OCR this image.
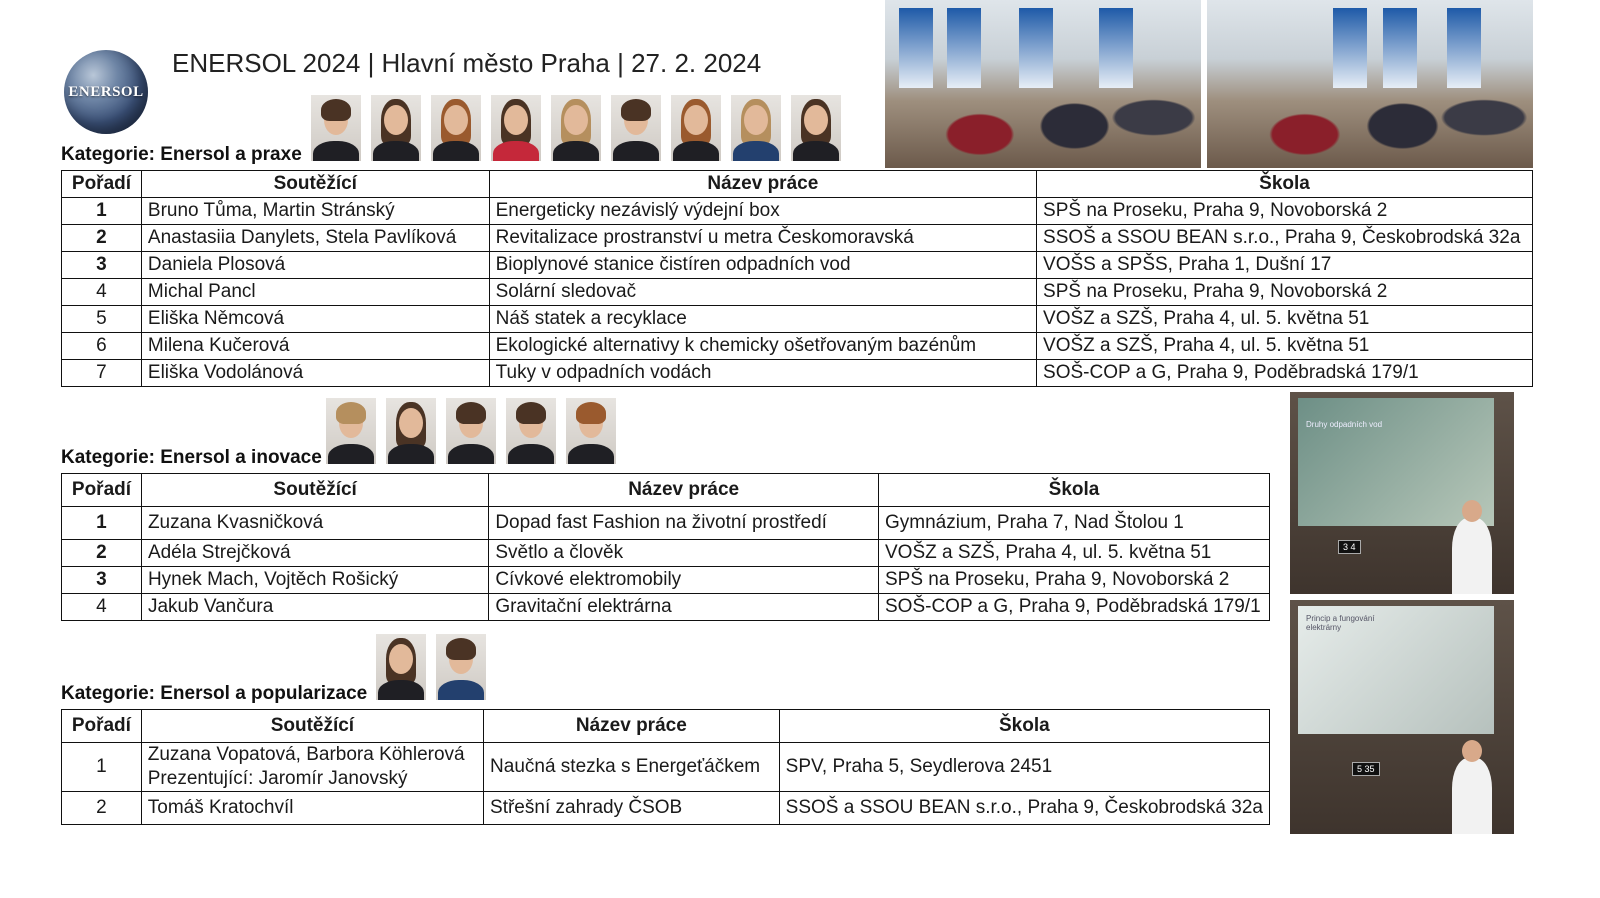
ENERSOL
ENERSOL 2024 | Hlavní město Praha | 27. 2. 2024
Druhy odpadních vod
3 4
Princip a fungování elektrárny
5 35
Kategorie: Enersol a praxe
Pořadí	Soutěžící	Název práce	Škola
1	Bruno Tůma, Martin Stránský	Energeticky nezávislý výdejní box	SPŠ na Proseku, Praha 9, Novoborská 2
2	Anastasiia Danylets, Stela Pavlíková	Revitalizace prostranství u metra Českomoravská	SSOŠ a SSOU BEAN s.r.o., Praha 9, Českobrodská 32a
3	Daniela Plosová	Bioplynové stanice čistíren odpadních vod	VOŠS a SPŠS, Praha 1, Dušní 17
4	Michal Pancl	Solární sledovač	SPŠ na Proseku, Praha 9, Novoborská 2
5	Eliška Němcová	Náš statek a recyklace	VOŠZ a SZŠ, Praha 4, ul. 5. května 51
6	Milena Kučerová	Ekologické alternativy k chemicky ošetřovaným bazénům	VOŠZ a SZŠ, Praha 4, ul. 5. května 51
7	Eliška Vodolánová	Tuky v odpadních vodách	SOŠ-COP a G, Praha 9, Poděbradská 179/1
Kategorie: Enersol a inovace
Pořadí	Soutěžící	Název práce	Škola
1	Zuzana Kvasničková	Dopad fast Fashion na životní prostředí	Gymnázium, Praha 7, Nad Štolou 1
2	Adéla Strejčková	Světlo a člověk	VOŠZ a SZŠ, Praha 4, ul. 5. května 51
3	Hynek Mach, Vojtěch Rošický	Cívkové elektromobily	SPŠ na Proseku, Praha 9, Novoborská 2
4	Jakub Vančura	Gravitační elektrárna	SOŠ-COP a G, Praha 9, Poděbradská 179/1
Kategorie: Enersol a popularizace
Pořadí	Soutěžící	Název práce	Škola
1	Zuzana Vopatová, Barbora Köhlerová
Prezentující: Jaromír Janovský	Naučná stezka s Energeťáčkem	SPV, Praha 5, Seydlerova 2451
2	Tomáš Kratochvíl	Střešní zahrady ČSOB	SSOŠ a SSOU BEAN s.r.o., Praha 9, Českobrodská 32a
